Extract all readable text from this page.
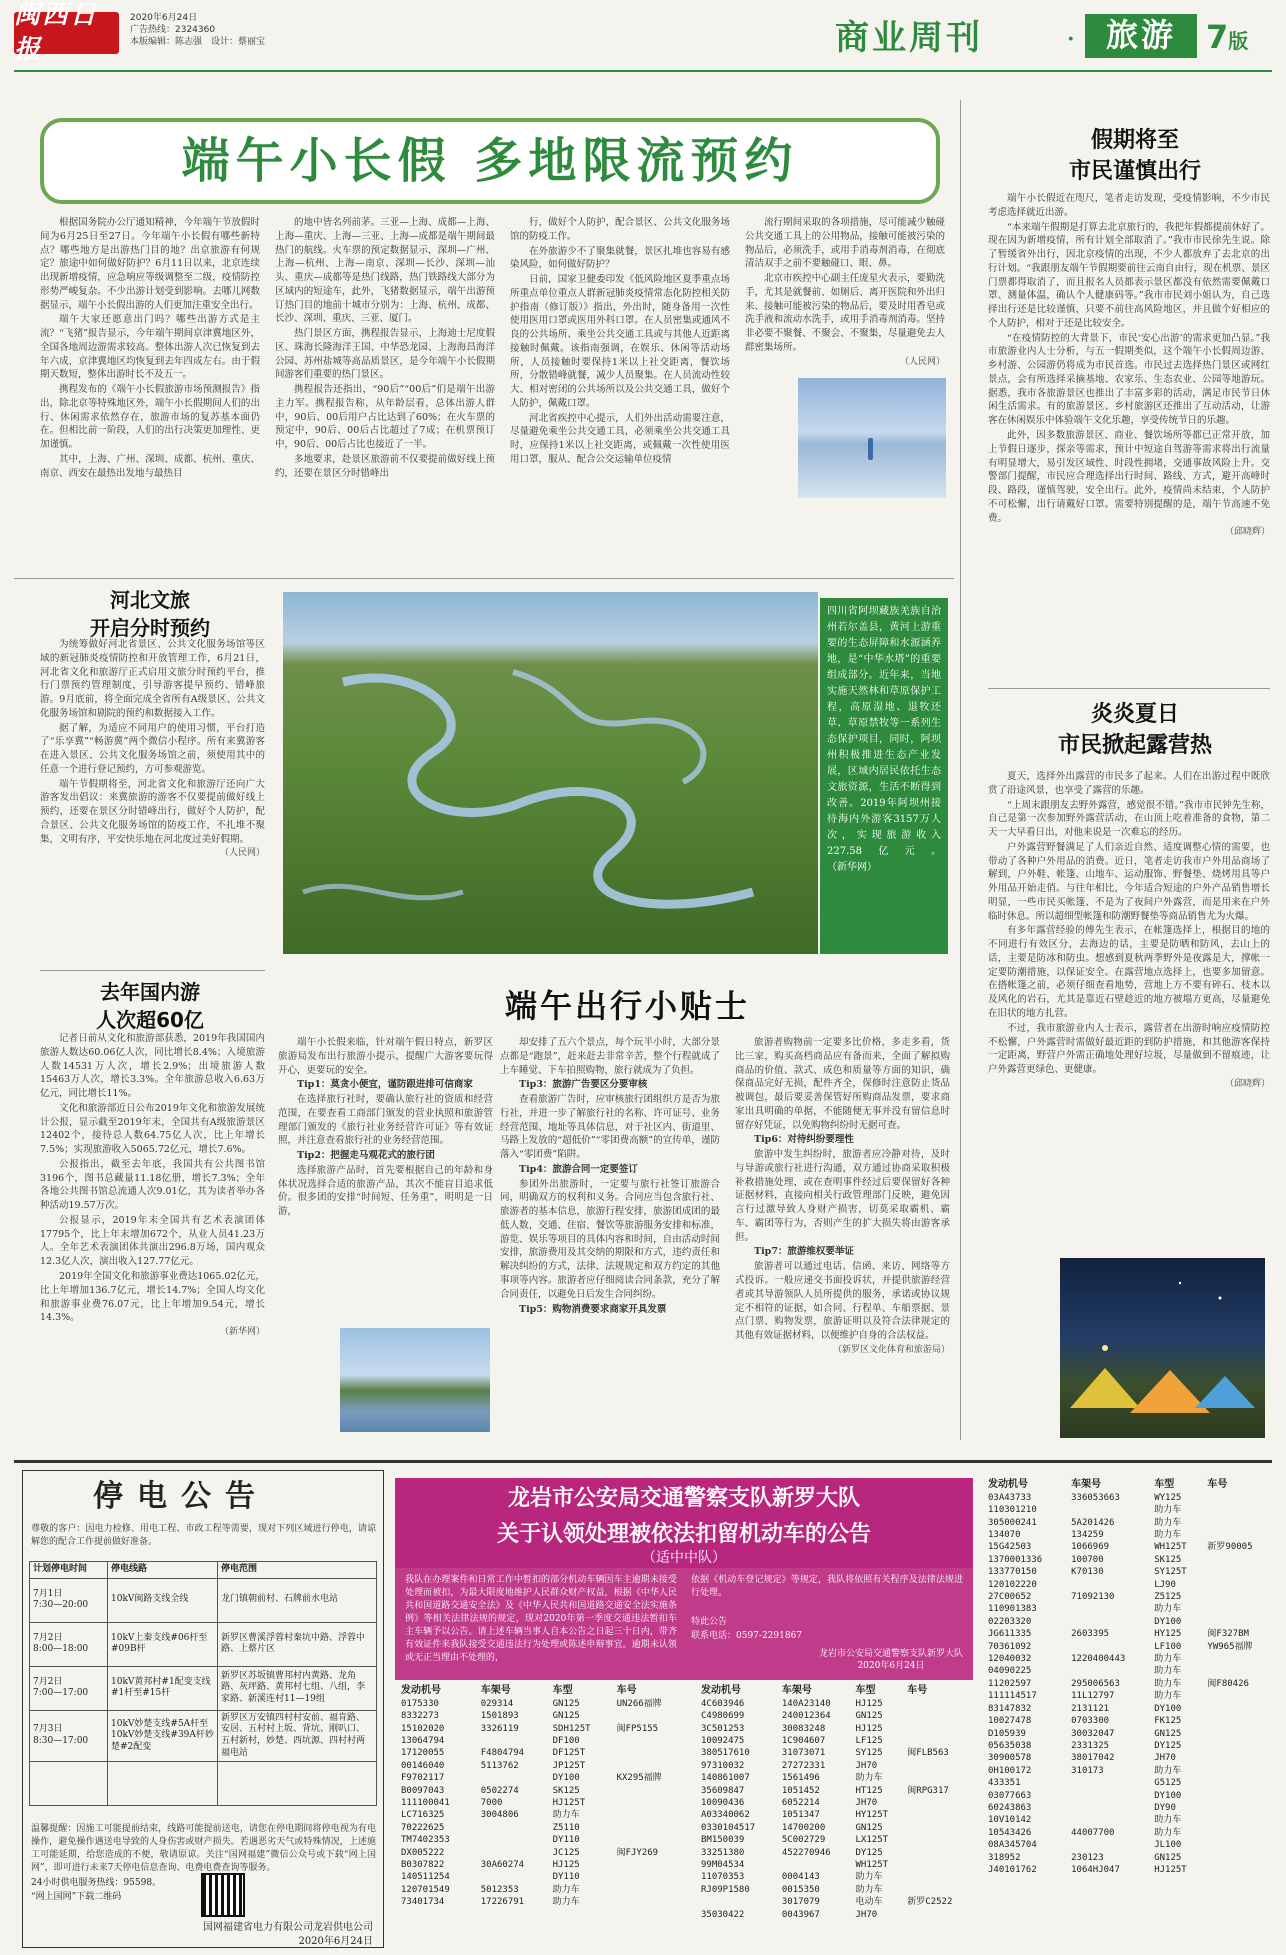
闽西日报
2020年6月24日
广告热线：2324360
本版编辑：陈志强　设计：蔡丽宝	商业周刊	· 旅游 7版
端午小长假 多地限流预约

根据国务院办公厅通知精神，今年端午节放假时间为6月25日至27日。今年端午小长假有哪些新特点？哪些地方是出游热门目的地？出京旅游有何规定？旅途中如何做好防护？6月11日以来，北京连续出现新增疫情，应急响应等级调整至二级，疫情防控形势严峻复杂。不少出游计划受到影响。去哪儿网数据显示，端午小长假出游的人们更加注重安全出行。

端午大家还愿意出门吗？哪些出游方式是主流？“飞猪”报告显示，今年端午期间京津冀地区外，全国各地周边游需求较高。整体出游人次已恢复到去年六成，京津冀地区均恢复到去年四成左右。由于假期天数短，整体出游时长不及五一。

携程发布的《端午小长假旅游市场预测报告》指出，除北京等特殊地区外，端午小长假期间人们的出行、休闲需求依然存在，旅游市场的复苏基本面仍在。但相比前一阶段，人们的出行决策更加理性、更加谨慎。

其中，上海、广州、深圳、成都、杭州、重庆、南京、西安在最热出发地与最热目

的地中皆名列前茅。三亚—上海、成都—上海、上海—重庆、上海—三亚、上海—成都是端午期间最热门的航线。火车票的预定数据显示，深圳—广州、上海—杭州、上海—南京、深圳—长沙、深圳—汕头、重庆—成都等是热门线路，热门铁路线大部分为区域内的短途车，此外，飞猪数据显示，端午出游预订热门目的地前十城市分别为：上海、杭州、成都、长沙、深圳、重庆、三亚、厦门。

热门景区方面，携程报告显示，上海迪士尼度假区、珠海长隆海洋王国、中华恐龙园、上海海昌海洋公园、苏州盐城等高品质景区，是今年端午小长假期间游客们重要的热门景区。

携程报告还指出，“90后”“00后”们是端午出游主力军。携程报告称，从年龄层看，总体出游人群中，90后、00后用户占比达到了60%；在火车票的预定中，90后、00后占比超过了7成；在机票预订中，90后、00后占比也接近了一半。

多地要求，赴景区旅游前不仅要提前做好线上预约，还要在景区分时错峰出

行，做好个人防护，配合景区、公共文化服务场馆的防疫工作。

在外旅游少不了聚集就餐，景区扎堆也容易有感染风险，如何做好防护？

日前，国家卫健委印发《低风险地区夏季重点场所重点单位重点人群新冠肺炎疫情常态化防控相关防护指南（修订版）》指出，外出时，随身备用一次性使用医用口罩或医用外科口罩。在人员密集或通风不良的公共场所、乘坐公共交通工具或与其他人近距离接触时佩戴。该指南强调，在娱乐、休闲等活动场所，人员接触时要保持1米以上社交距离，餐饮场所，分散错峰就餐，减少人员聚集。在人员流动性较大、相对密闭的公共场所以及公共交通工具，做好个人防护，佩戴口罩。

河北省疾控中心提示，人们外出活动需要注意，尽量避免乘坐公共交通工具，必须乘坐公共交通工具时，应保持1米以上社交距离，或佩戴一次性使用医用口罩，服从、配合公交运输单位疫情

流行期间采取的各项措施，尽可能减少触碰公共交通工具上的公用物品，接触可能被污染的物品后，必须洗手，或用手消毒剂消毒，在彻底清洁双手之前不要触碰口、眼、鼻。

北京市疾控中心副主任庞星火表示，要勤洗手，尤其是就餐前、如厕后、离开医院和外出归来、接触可能被污染的物品后，要及时用香皂或洗手液和流动水洗手，或用手消毒剂消毒。坚持非必要不聚餐、不聚会、不聚集，尽量避免去人群密集场所。

（人民网）
河北文旅
开启分时预约

为统筹做好河北省景区、公共文化服务场馆等区域的新冠肺炎疫情防控和开放管理工作，6月21日，河北省文化和旅游厅正式启用文旅分时预约平台，推行门票预约管理制度，引导游客提早预约、错峰旅游。9月底前，将全面完成全省所有A级景区、公共文化服务场馆和剧院的预约和数据接入工作。

据了解，为适应不同用户的使用习惯，平台打造了“乐享冀”“畅游冀”两个微信小程序。所有来冀游客在进入景区、公共文化服务场馆之前，须使用其中的任意一个进行登记预约，方可参观游览。

端午节假期将至，河北省文化和旅游厅还向广大游客发出倡议：来冀旅游的游客不仅要提前做好线上预约，还要在景区分时错峰出行，做好个人防护，配合景区、公共文化服务场馆的防疫工作，不扎堆不聚集，文明有序，平安快乐地在河北度过美好假期。

（人民网）
四川省阿坝藏族羌族自治州若尔盖县，黄河上游重要的生态屏障和水源涵养地，是“中华水塔”的重要组成部分。近年来，当地实施天然林和草原保护工程，高原湿地、退牧还草、草原禁牧等一系列生态保护项目，同时，阿坝州积极推进生态产业发展，区域内居民依托生态文旅资源，生活不断得到改善。2019年阿坝州接待海内外游客3157万人次，实现旅游收入227.58亿元。 （新华网）
去年国内游
人次超60亿

记者日前从文化和旅游部获悉，2019年我国国内旅游人数达60.06亿人次，同比增长8.4%；入境旅游人数14531万人次，增长2.9%；出境旅游人数15463万人次，增长3.3%。全年旅游总收入6.63万亿元，同比增长11%。

文化和旅游部近日公布2019年文化和旅游发展统计公报，显示截至2019年末，全国共有A级旅游景区12402个，接待总人数64.75亿人次，比上年增长7.5%；实现旅游收入5065.72亿元，增长7.6%。

公报指出，截至去年底，我国共有公共图书馆3196个，图书总藏量11.18亿册，增长7.3%；全年各地公共图书馆总流通人次9.01亿，其为读者举办各种活动19.57万次。

公报显示，2019年末全国共有艺术表演团体17795个，比上年末增加672个，从业人员41.23万人。全年艺术表演团体共演出296.8万场，国内观众12.3亿人次，演出收入127.77亿元。

2019年全国文化和旅游事业费达1065.02亿元，比上年增加136.7亿元，增长14.7%；全国人均文化和旅游事业费76.07元，比上年增加9.54元，增长14.3%。

（新华网）
端午出行小贴士

端午小长假来临，针对端午假日特点，新罗区旅游局发布出行旅游小提示，提醒广大游客要玩得开心，更要玩的安全。

Tip1：莫贪小便宜，谨防跟进排可信商家

在选择旅行社时，要确认旅行社的资质和经营范围，在要查看工商部门颁发的营业执照和旅游管理部门颁发的《旅行社业务经营许可证》等有效证照，并注意查看旅行社的业务经营范围。

Tip2：把握走马观花式的旅行团

选择旅游产品时，首先要根据自己的年龄和身体状况选择合适的旅游产品，其次不能盲目追求低价。很多团的安排“时间短、任务重”，明明是一日游，

却安排了五六个景点，每个玩半小时，大部分景点都是“跑景”，赶来赶去非常辛苦，整个行程就成了上车睡觉、下车拍照购物，旅行就成为了负担。

Tip3：旅游广告要区分要审核

查看旅游广告时，应审核旅行团组织方是否为旅行社，并进一步了解旅行社的名称、许可证号、业务经营范围、地址等具体信息，对于社区内、街道里、马路上发放的“超低价”“零团费高额”的宣传单，谨防落入“零团费”陷阱。

Tip4：旅游合同一定要签订

参团外出旅游时，一定要与旅行社签订旅游合同，明确双方的权利和义务。合同应当包含旅行社、旅游者的基本信息，旅游行程安排，旅游团成团的最低人数，交通、住宿、餐饮等旅游服务安排和标准，游览、娱乐等项目的具体内容和时间，自由活动时间安排，旅游费用及其交纳的期限和方式，违约责任和解决纠纷的方式，法律、法规规定和双方约定的其他事项等内容。旅游者应仔细阅读合同条款，充分了解合同责任，以避免日后发生合同纠纷。

Tip5：购物消费要求商家开具发票

旅游者购物前一定要多比价格，多走多看，货比三家，购买高档商品应有备而来，全面了解拟购商品的价值、款式、成色和质量等方面的知识，确保商品完好无损，配件齐全，保修时注意防止货品被调包，最后要妥善保管好所购商品发票，要求商家出具明确的单据，不能随便无事并没有留信息时留存好凭证，以免购物纠纷时无据可查。

Tip6：对待纠纷要理性

旅游中发生纠纷时，旅游者应冷静对待，及时与导游或旅行社进行沟通，双方通过协商采取积极补救措施处理，或在查明事件经过后要保留好各种证据材料，直接向相关行政管理部门反映，避免因言行过激导致人身财产损害，切莫采取霸机、霸车、霸团等行为，否则产生的扩大损失将由游客承担。

Tip7：旅游维权要举证

旅游者可以通过电话、信函、来访、网络等方式投诉。一般应递交书面投诉状，并提供旅游经营者或其导游领队人员所提供的服务，承诺或协议规定不相符的证据，如合同、行程单、车船票据、景点门票、购物发票，旅游证明以及符合法律规定的其他有效证据材料，以便维护自身的合法权益。

（新罗区文化体育和旅游局）
假期将至
市民谨慎出行

端午小长假近在咫尺，笔者走访发现，受疫情影响，不少市民考虑选择就近出游。

“本来端午假期是打算去北京旅行的，我把年假都提前休好了。现在因为新增疫情，所有计划全部取消了。”我市市民徐先生说。除了暂缓省外出行，因北京疫情的出现，不少人都放弃了去北京的出行计划。“我跟朋友端午节假期要前往云南自由行，现在机票、景区门票都得取消了，而且报名人员都表示景区都没有依然需要佩戴口罩、测量体温，确认个人健康码等。”我市市民刘小姐认为，自己选择出行还是比较谨慎，只要不前往高风险地区，并且做个好相应的个人防护，相对于还是比较安全。

“在疫情防控的大背景下，市民‘安心出游’的需求更加凸显。”我市旅游业内人士分析，与五一假期类似，这个端午小长假周边游、乡村游、公园游仍将成为市民首选。市民过去选择热门景区或网红景点，会有所选择采摘基地、农家乐、生态农业、公园等地游玩。据悉，我市各旅游景区也推出了丰富多彩的活动，满足市民节日休闲生活需求。有的旅游景区、乡村旅游区还推出了互动活动，让游客在休闲娱乐中体验端午文化乐趣，享受传统节日的乐趣。

此外，因多数旅游景区、商业、餐饮场所等都已正常开放，加上节假日逐步，探亲等需求，预计中短途自驾游等需求将出行流量有明显增大，易引发区域性、时段性拥堵，交通事故风险上升。交警部门提醒，市民应合理选择出行时间、路线、方式，避开高峰时段、路段，谨慎驾驶，安全出行。此外，疫情尚未结束，个人防护不可松懈，出行请戴好口罩。需要特别提醒的是，端午节高速不免费。

（邱晓辉）
炎炎夏日
市民掀起露营热

夏天，选择外出露营的市民多了起来。人们在出游过程中既欣赏了沿途风景，也享受了露营的乐趣。

“上周末跟朋友去野外露营，感觉很不错。”我市市民钟先生称，自己是第一次参加野外露营活动，在山顶上吃着准备的食物，第二天一大早看日出，对他来说是一次难忘的经历。

户外露营野餐满足了人们亲近自然、适度调整心情的需要，也带动了各种户外用品的消费。近日，笔者走访我市户外用品商场了解到，户外鞋、帐篷、山地车、运动服饰、野餐垫、烧烤用具等户外用品开始走俏。与往年相比，今年适合短途的户外产品销售增长明显，一些市民买帐篷、不是为了夜间户外露营，而是用来在户外临时休息。所以超细型帐篷和防潮野餐垫等商品销售尤为火爆。

有多年露营经验的傅先生表示，在帐篷选择上，根据目的地的不同进行有效区分，去海边的话，主要是防晒和防风，去山上的话，主要是防冰和防虫。想感到夏秋两季野外是夜露是大，撑帐一定要防潮措施，以保证安全。在露营地点选择上，也要多加留意。在搭帐篷之前，必须仔细查看地势，营地上方不要有碎石、枝木以及风化的岩石，尤其是靠近石壁趁近的地方被塌方更高，尽量避免在旧状的地方扎营。

不过，我市旅游业内人士表示，露营者在出游时响应疫情防控不松懈，户外露营时需做好最近距的到防护措施，和其他游客保持一定距离，野营户外需正确地处理好垃圾，尽量做到不留痕迹，让户外露营更绿色、更健康。

（邱晓辉）
停电公告
尊敬的客户：因电力检修、用电工程、市政工程等需要，现对下列区域进行停电，请谅解您的配合工作提前做好准备。
计划停电时间	停电线路	停电范围
7月1日
7:30—20:00	10kV闽路支线全线	龙门镇朝前村、石牌前水电站
7月2日
8:00—18:00	10kV上秦支线#06杆至#09B杆	新罗区曹溪浮蓉村秦坑中路、浮蓉中路、上蔡片区
7月2日
7:00—17:00	10kV黄邦村#1配变支线#1杆至#15杆	新罗区苏坂镇曹邦村内黄路、龙角路、灰坪路、黄邦村七组、八组，李家路、新溪连村11—19组
7月3日
8:30—17:00	10kV妙楚支线#5A杆至10kV妙楚支线#39A杆妙楚#2配变	新罗区万安镇四村村安前、福肯路、安居、五村村上坂、背坑、刚叭口、五村新村，妙楚、西坑源、四村村两福电站

温馨提醒：因施工可能提前结束，线路可能提前送电，请您在停电期间将停电视为有电操作，避免操作遇送电导致的人身伤害或财产损失。若遇恶劣天气或特殊情况，上述施工可能延期，给您造成的不便，敬请原谅。关注“国网福建”微信公众号或下载“网上国网”，即可进行未来7天停电信息查询、电费电费查询等服务。
24小时供电服务热线：95598。
“网上国网”下载二维码
国网福建省电力有限公司龙岩供电公司
2020年6月24日
龙岩市公安局交通警察支队新罗大队
关于认领处理被依法扣留机动车的公告
（适中中队）
我队在办理案件和日常工作中暂扣的部分机动车辆因车主逾期未接受处理而被扣，为最大限度地维护人民群众财产权益，根据《中华人民共和国道路交通安全法》及《中华人民共和国道路交通安全法实施条例》等相关法律法规的规定，现对2020年第一季度交通违法暂扣车主车辆予以公告。请上述车辆当事人自本公告之日起三十日内，带齐有效证件来我队接受交通违法行为处理或陈述申辩事宜。逾期未认领或无正当理由不处理的，
依据《机动车登记规定》等规定，我队将依照有关程序及法律法规进行处理。
特此公告
联系电话：0597-2291867
龙岩市公安局交通警察支队新罗大队
2020年6月24日
发动机号	车架号	车型	车号
0175330	029314	GN125	UN266福牌
8332273	1501893	GN125	
15102020	3326119	SDH125T	闽FP5155
13064794		DF100	
17120055	F4804794	DF125T	
00146040	5113762	JP125T	
F9702117		DY100	KX295福牌
B0097043	0502274	SK125	
111100041	7000	HJ125T	
LC716325	3004806	助力车	
70222625		Z5110	
TM7402353		DY110	
DX005222		JC125	闽FJY269
B0307822	30A60274	HJ125	
140511254		DY110	
120701549	5012353	助力车	
73401734	17226791	助力车	
发动机号	车架号	车型	车号
4C603946	140A23140	HJ125	
C4980699	240012364	GN125	
3C501253	30083248	HJ125	
10092475	1C904607	LF125	
380517610	31073071	SY125	闽FLB563
97310032	27272331	JH70	
140861007	1561496	助力车	
35609847	1051452	HT125	闽RPG317
10090436	6052214	JH70	
A03340062	1051347	HY125T	
0330104517	14700200	GN125	
BM150039	5C002729	LX125T	
33251380	452270946	DY125	
99M04534		WH125T	
11070353	0004143	助力车	
RJ09P1580	0015350	助力车	
	3017079	电动车	新罗C2522
35030422	0043967	JH70	
发动机号	车架号	车型	车号
03A43733	336053663	WY125	
110301210		助力车	
305000241	5A201426	助力车	
134070	134259	助力车	
15G42503	1066969	WH125T	新罗90005
1370001336	100700	SK125	
133770150	K70130	SY125T	
120102220		LJ90	
27C00652	71092130	Z5125	
110901383		助力车	
02203320		DY100	
JG611335	2603395	HY125	闽F327BM
70361092		LF100	YW965福牌
12040032	1220400443	助力车	
04090225		助力车	
11202597	295006563	助力车	闽F80426
111114517	11L12797	助力车	
83147832	2131121	DY100	
10027478	0703300	FK125	
D105939	30032047	GN125	
05635038	2331325	DY125	
30900578	38017042	JH70	
0H100172	310173	助力车	
433351		G5125	
03077663		DY100	
60243863		DY90	
10V10142		助力车	
10543426	44007700	助力车	
08A345704		JL100	
318952	230123	GN125	
J40101762	1064HJ047	HJ125T	
